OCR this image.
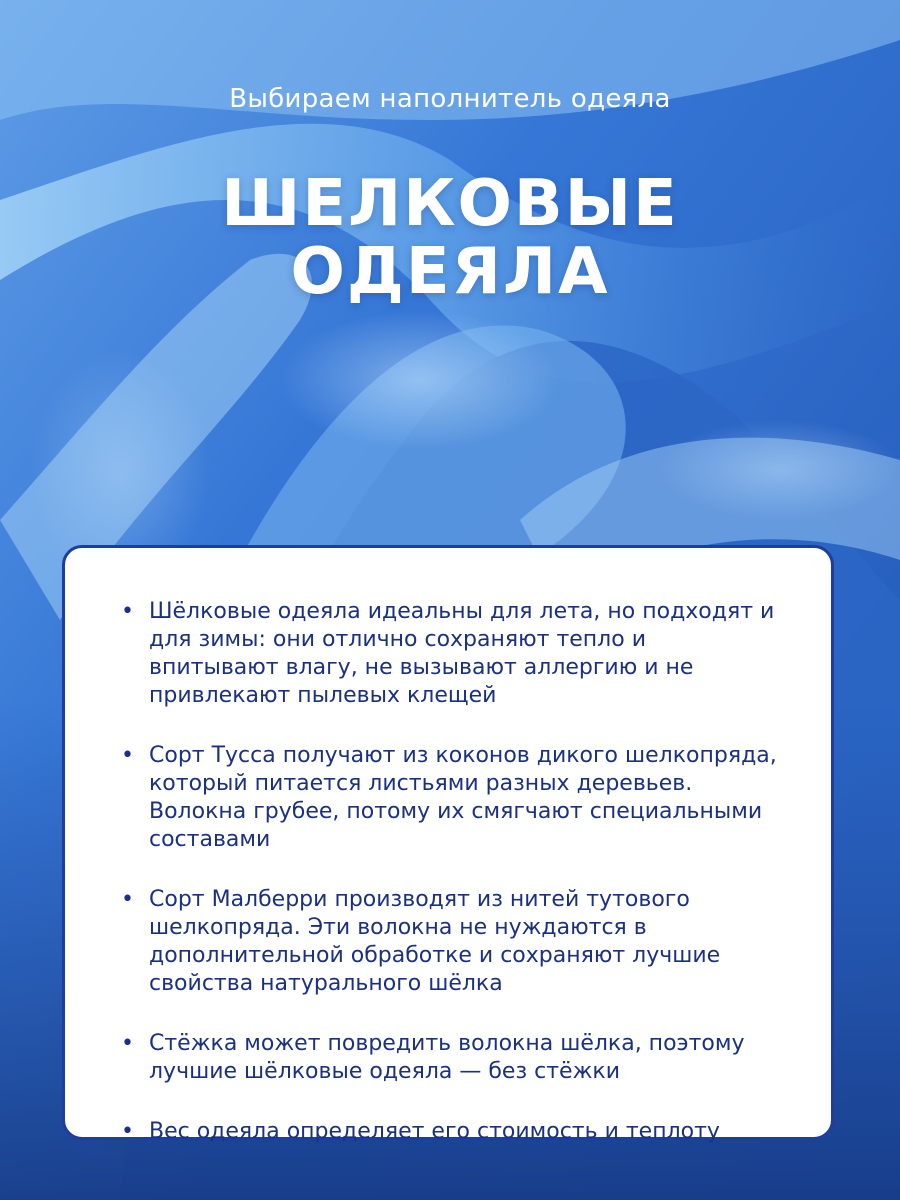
Выбираем наполнитель одеяла
ШЕЛКОВЫЕ
ОДЕЯЛА
• Шёлковые одеяла идеальны для лета, но подходят и для зимы: они отлично сохраняют тепло и впитывают влагу, не вызывают аллергию и не привлекают пылевых клещей
• Сорт Тусса получают из коконов дикого шелкопряда, который питается листьями разных деревьев. Волокна грубее, потому их смягчают специальными составами
• Сорт Малберри производят из нитей тутового шелкопряда. Эти волокна не нуждаются в дополнительной обработке и сохраняют лучшие свойства натурального шёлка
• Стёжка может повредить волокна шёлка, поэтому лучшие шёлковые одеяла — без стёжки
• Вес одеяла определяет его стоимость и теплоту
